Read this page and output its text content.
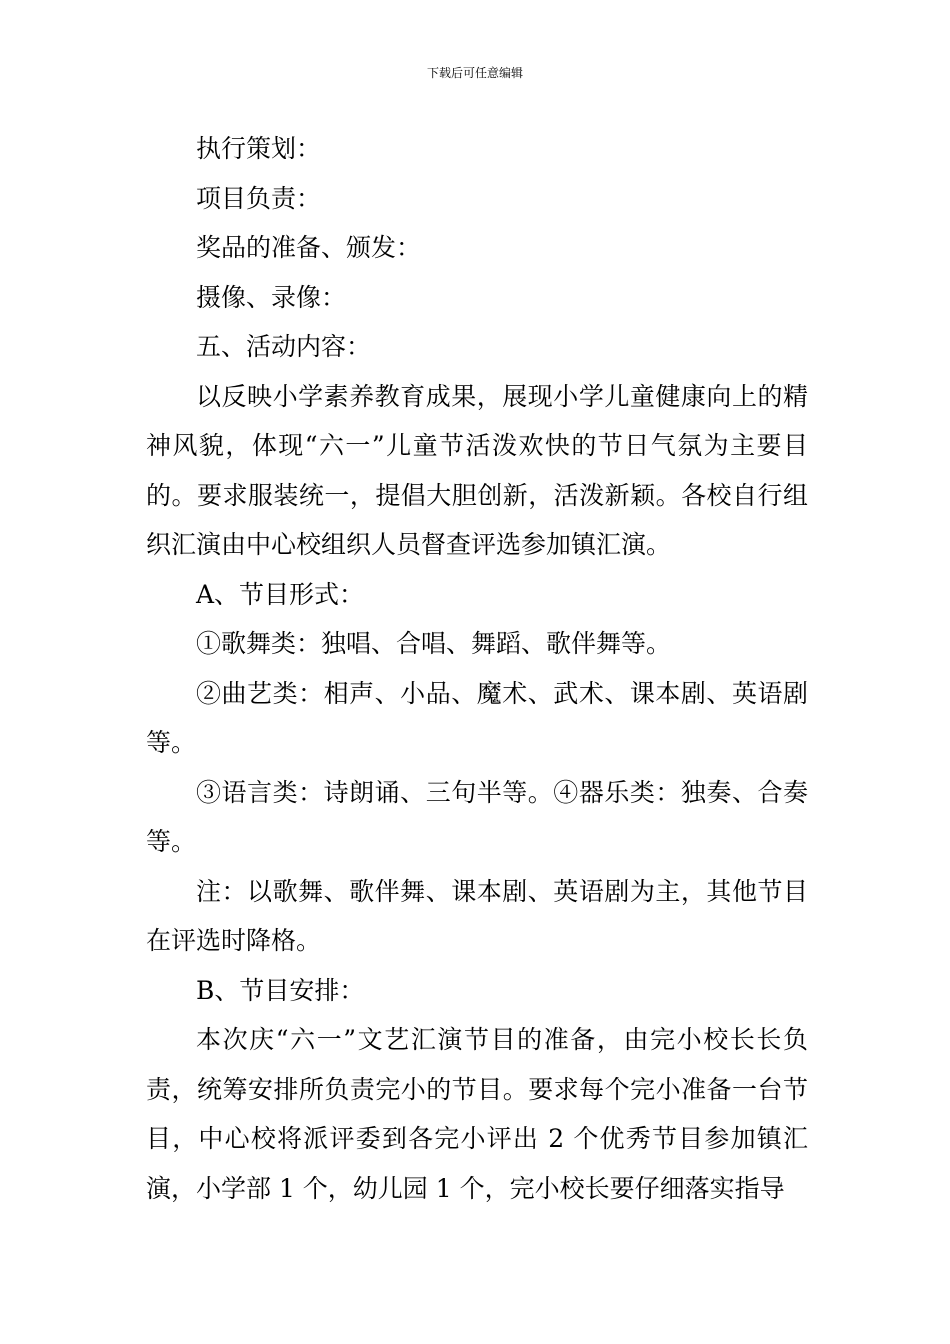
下载后可任意编辑

执行策划：

项目负责：

奖品的准备、颁发：

摄像、录像：

五、活动内容：

以反映小学素养教育成果，展现小学儿童健康向上的精神风貌，体现“六一”儿童节活泼欢快的节日气氛为主要目的。要求服装统一，提倡大胆创新，活泼新颖。各校自行组织汇演由中心校组织人员督查评选参加镇汇演。

A、节目形式：

①歌舞类：独唱、合唱、舞蹈、歌伴舞等。

②曲艺类：相声、小品、魔术、武术、课本剧、英语剧等。

③语言类：诗朗诵、三句半等。④器乐类：独奏、合奏等。

注：以歌舞、歌伴舞、课本剧、英语剧为主，其他节目在评选时降格。

B、节目安排：

本次庆“六一”文艺汇演节目的准备，由完小校长长负责，统筹安排所负责完小的节目。要求每个完小准备一台节目，中心校将派评委到各完小评出 2 个优秀节目参加镇汇演，小学部 1 个，幼儿园 1 个，完小校长要仔细落实指导
